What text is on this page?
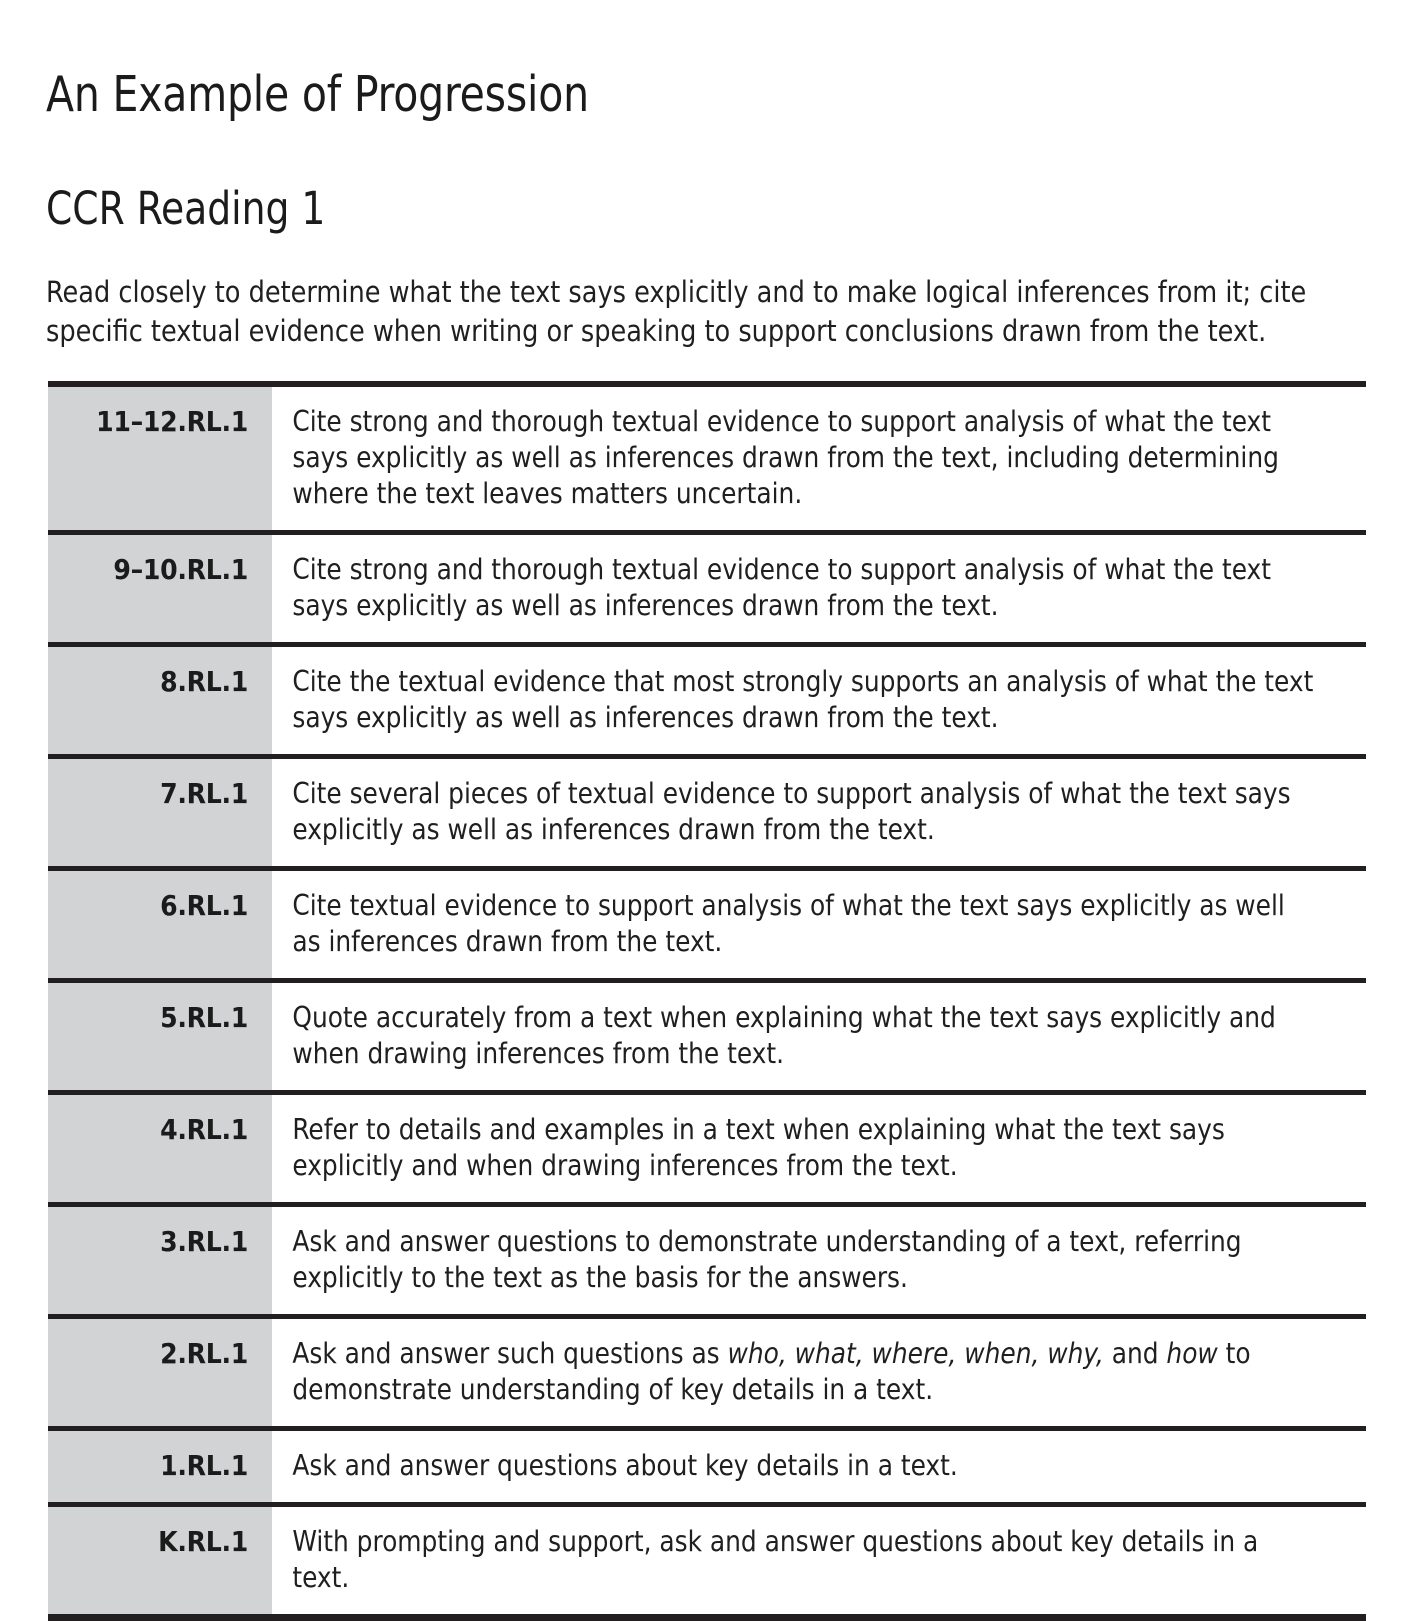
An Example of Progression
CCR Reading 1

Read closely to determine what the text says explicitly and to make logical inferences from it; cite specific textual evidence when writing or speaking to support conclusions drawn from the text.

11–12.RL.1	Cite strong and thorough textual evidence to support analysis of what the text says explicitly as well as inferences drawn from the text, including determining where the text leaves matters uncertain.
9–10.RL.1	Cite strong and thorough textual evidence to support analysis of what the text says explicitly as well as inferences drawn from the text.
8.RL.1	Cite the textual evidence that most strongly supports an analysis of what the text says explicitly as well as inferences drawn from the text.
7.RL.1	Cite several pieces of textual evidence to support analysis of what the text says explicitly as well as inferences drawn from the text.
6.RL.1	Cite textual evidence to support analysis of what the text says explicitly as well as inferences drawn from the text.
5.RL.1	Quote accurately from a text when explaining what the text says explicitly and when drawing inferences from the text.
4.RL.1	Refer to details and examples in a text when explaining what the text says explicitly and when drawing inferences from the text.
3.RL.1	Ask and answer questions to demonstrate understanding of a text, referring explicitly to the text as the basis for the answers.
2.RL.1	Ask and answer such questions as who, what, where, when, why, and how to demonstrate understanding of key details in a text.
1.RL.1	Ask and answer questions about key details in a text.
K.RL.1	With prompting and support, ask and answer questions about key details in a text.
